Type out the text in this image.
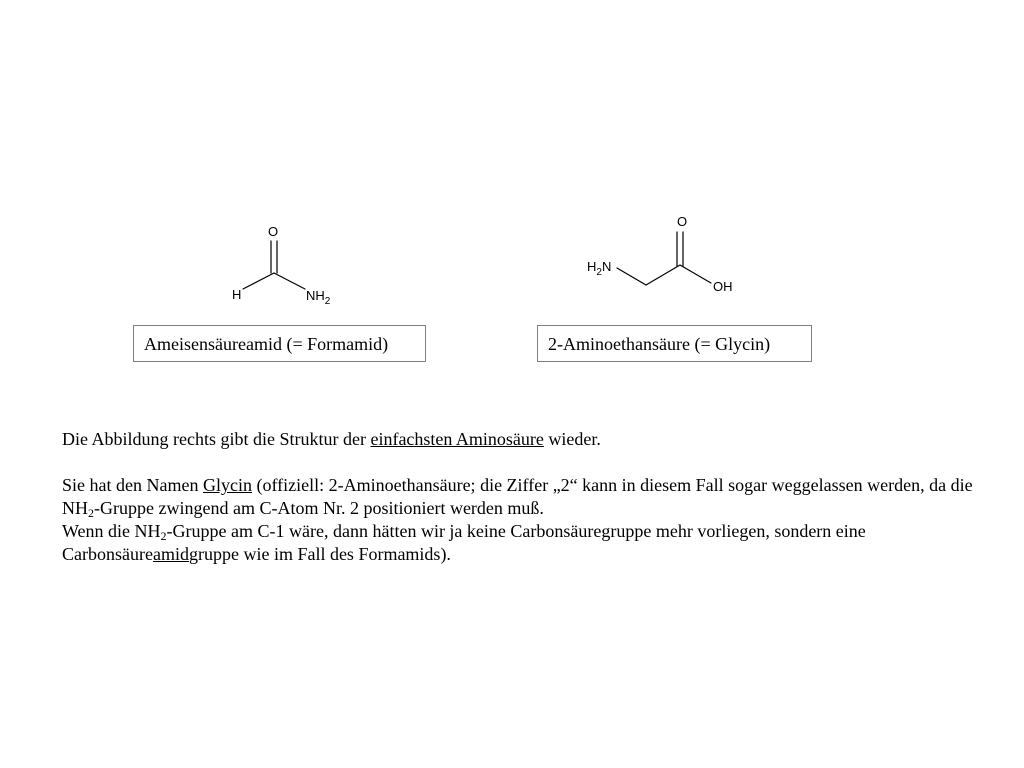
O
H	$NH_2$
$H_2N$
O
OH
Ameisensäureamid (= Formamid)	2-Aminoethansäure (= Glycin)

Die Abbildung rechts gibt die Struktur der einfachsten Aminosäure wieder.

Sie hat den Namen Glycin (offiziell: 2-Aminoethansäure; die Ziffer „2“ kann in diesem Fall sogar weggelassen werden, da die $NH_2$-Gruppe zwingend am C-Atom Nr. 2 positioniert werden muß.

Wenn die $NH_2$-Gruppe am C-1 wäre, dann hätten wir ja keine Carbonsäuregruppe mehr vorliegen, sondern eine Carbonsäureamidgruppe wie im Fall des Formamids).
